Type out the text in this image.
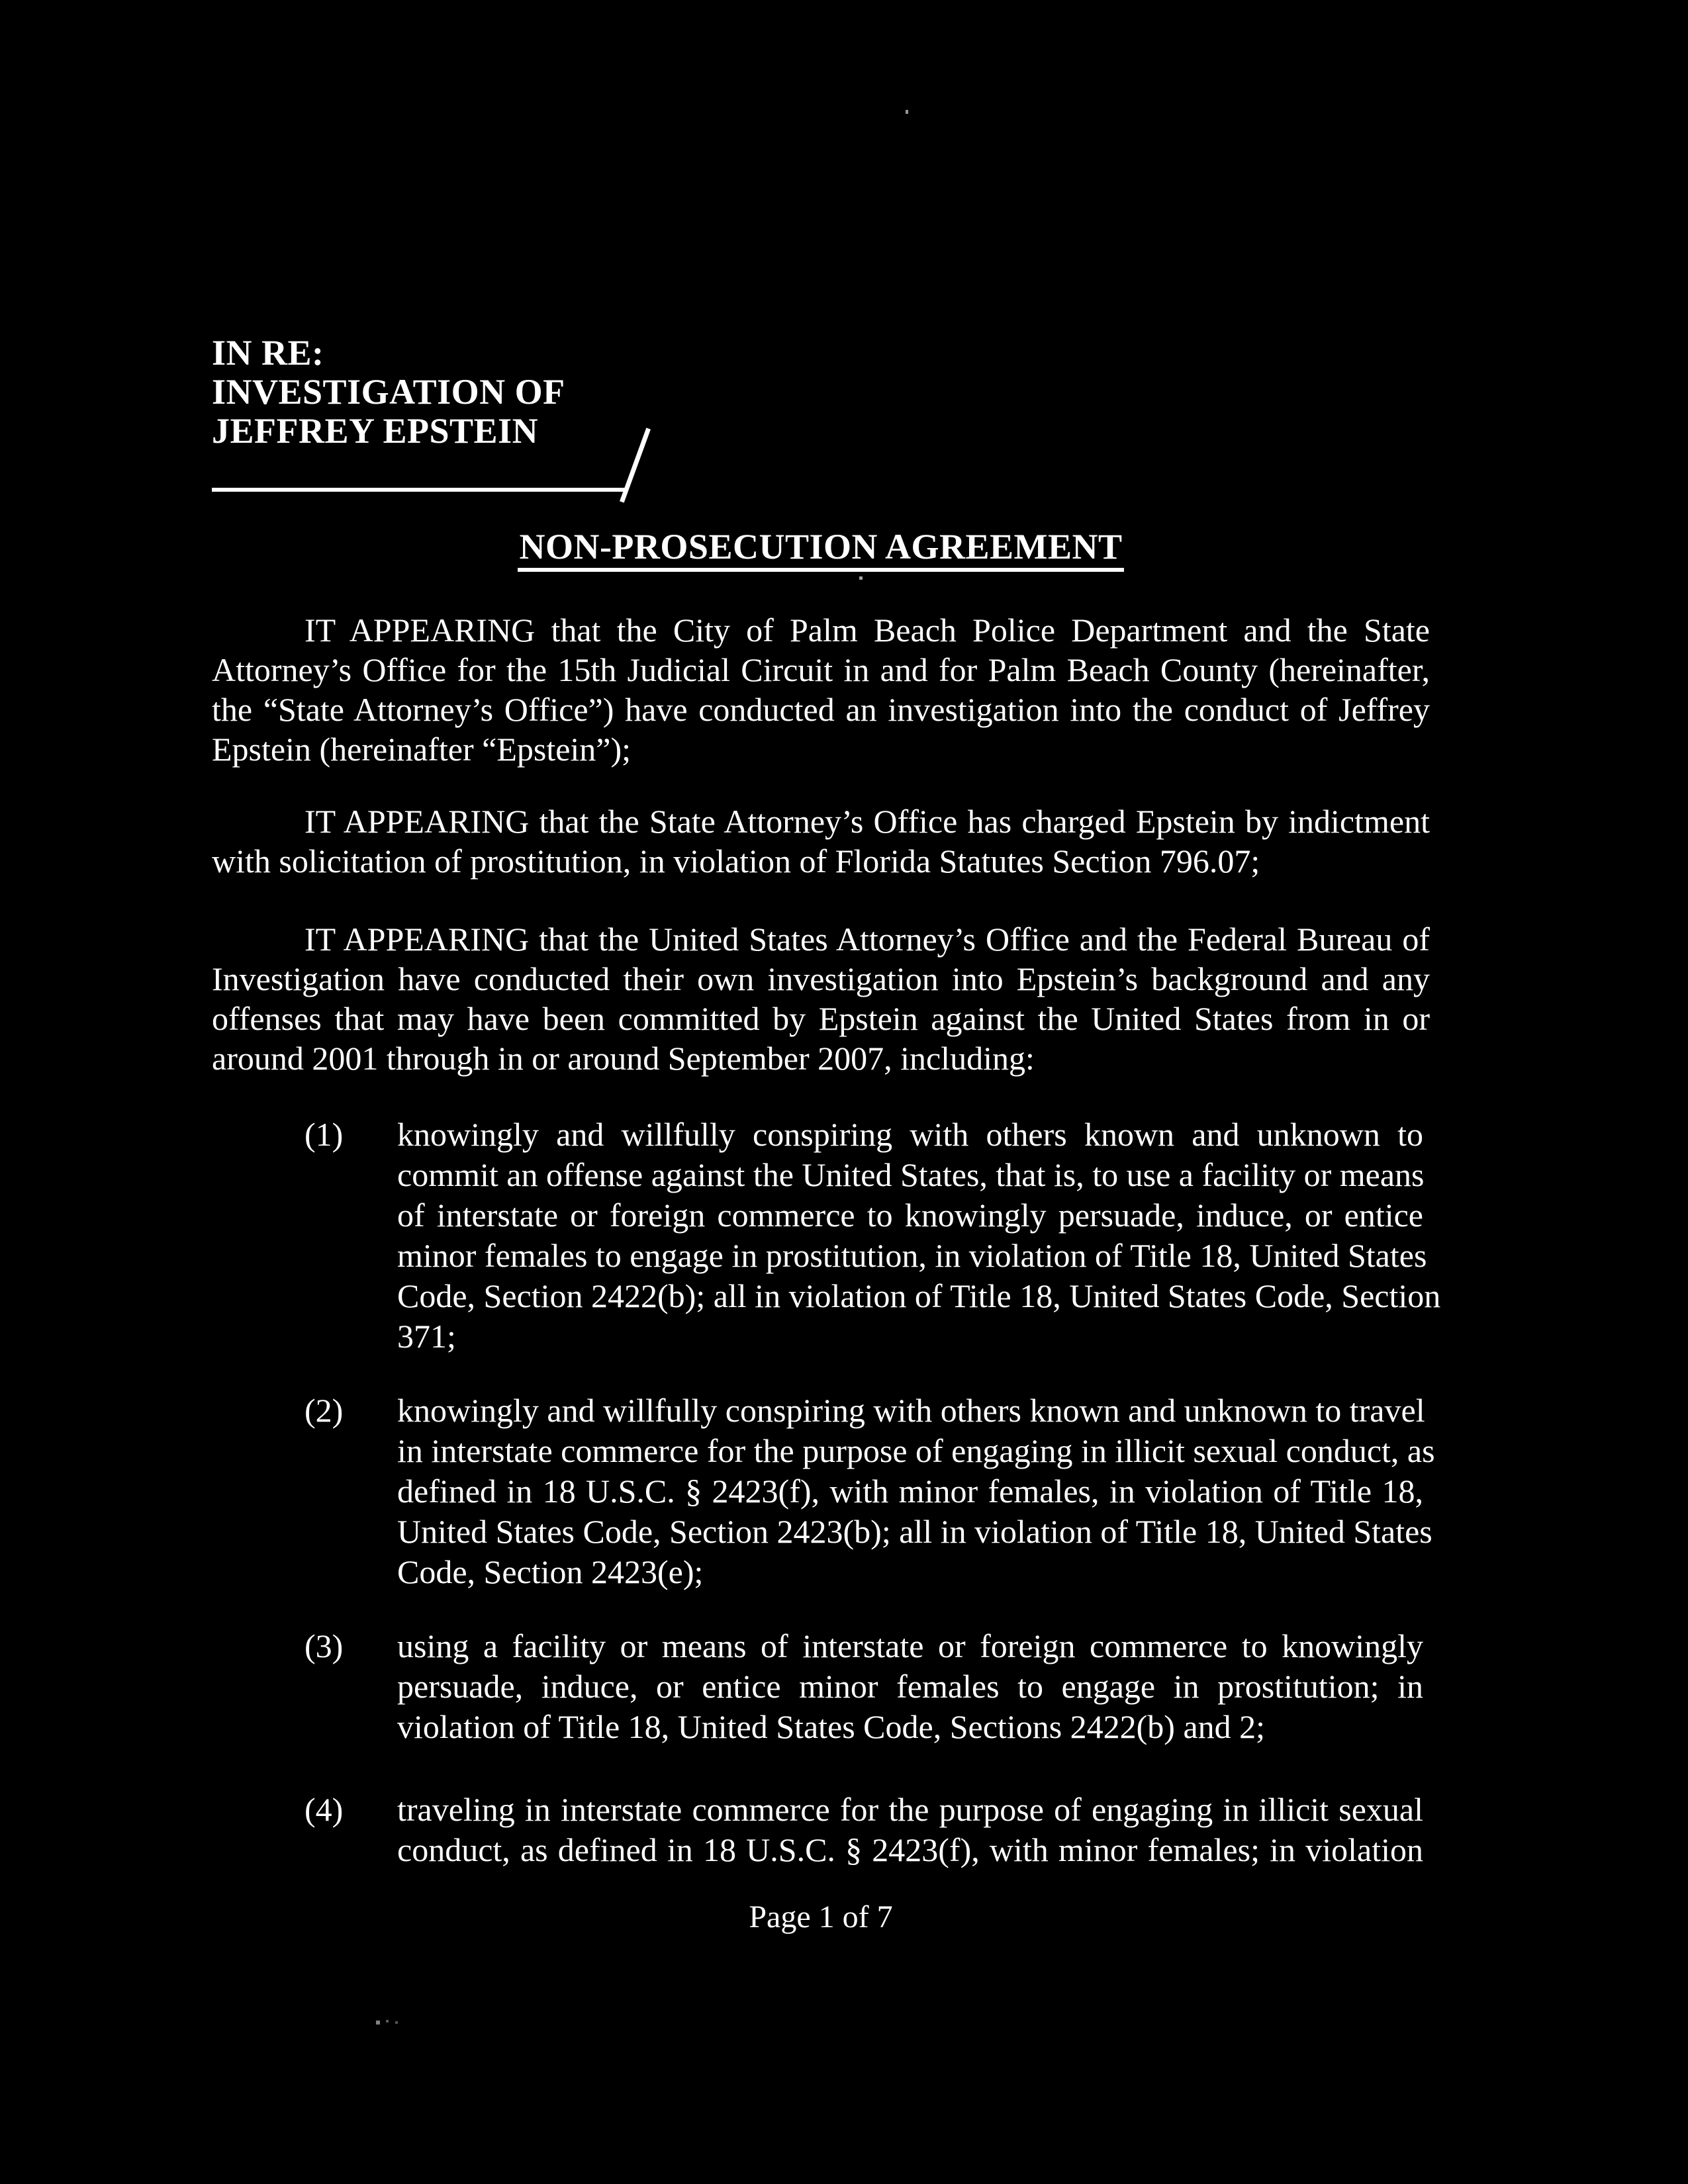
IN RE:
INVESTIGATION OF
JEFFREY EPSTEIN
NON-PROSECUTION AGREEMENT
IT APPEARING that the City of Palm Beach Police Department and the State
Attorney’s Office for the 15th Judicial Circuit in and for Palm Beach County (hereinafter,
the “State Attorney’s Office”) have conducted an investigation into the conduct of Jeffrey
Epstein (hereinafter “Epstein”);
IT APPEARING that the State Attorney’s Office has charged Epstein by indictment
with solicitation of prostitution, in violation of Florida Statutes Section 796.07;
IT APPEARING that the United States Attorney’s Office and the Federal Bureau of
Investigation have conducted their own investigation into Epstein’s background and any
offenses that may have been committed by Epstein against the United States from in or
around 2001 through in or around September 2007, including:
(1) knowingly and willfully conspiring with others known and unknown to
commit an offense against the United States, that is, to use a facility or means
of interstate or foreign commerce to knowingly persuade, induce, or entice
minor females to engage in prostitution, in violation of Title 18, United States
Code, Section 2422(b); all in violation of Title 18, United States Code, Section
371;
(2) knowingly and willfully conspiring with others known and unknown to travel
in interstate commerce for the purpose of engaging in illicit sexual conduct, as
defined in 18 U.S.C. § 2423(f), with minor females, in violation of Title 18,
United States Code, Section 2423(b); all in violation of Title 18, United States
Code, Section 2423(e);
(3) using a facility or means of interstate or foreign commerce to knowingly
persuade, induce, or entice minor females to engage in prostitution; in
violation of Title 18, United States Code, Sections 2422(b) and 2;
(4) traveling in interstate commerce for the purpose of engaging in illicit sexual
conduct, as defined in 18 U.S.C. § 2423(f), with minor females; in violation
Page 1 of 7
